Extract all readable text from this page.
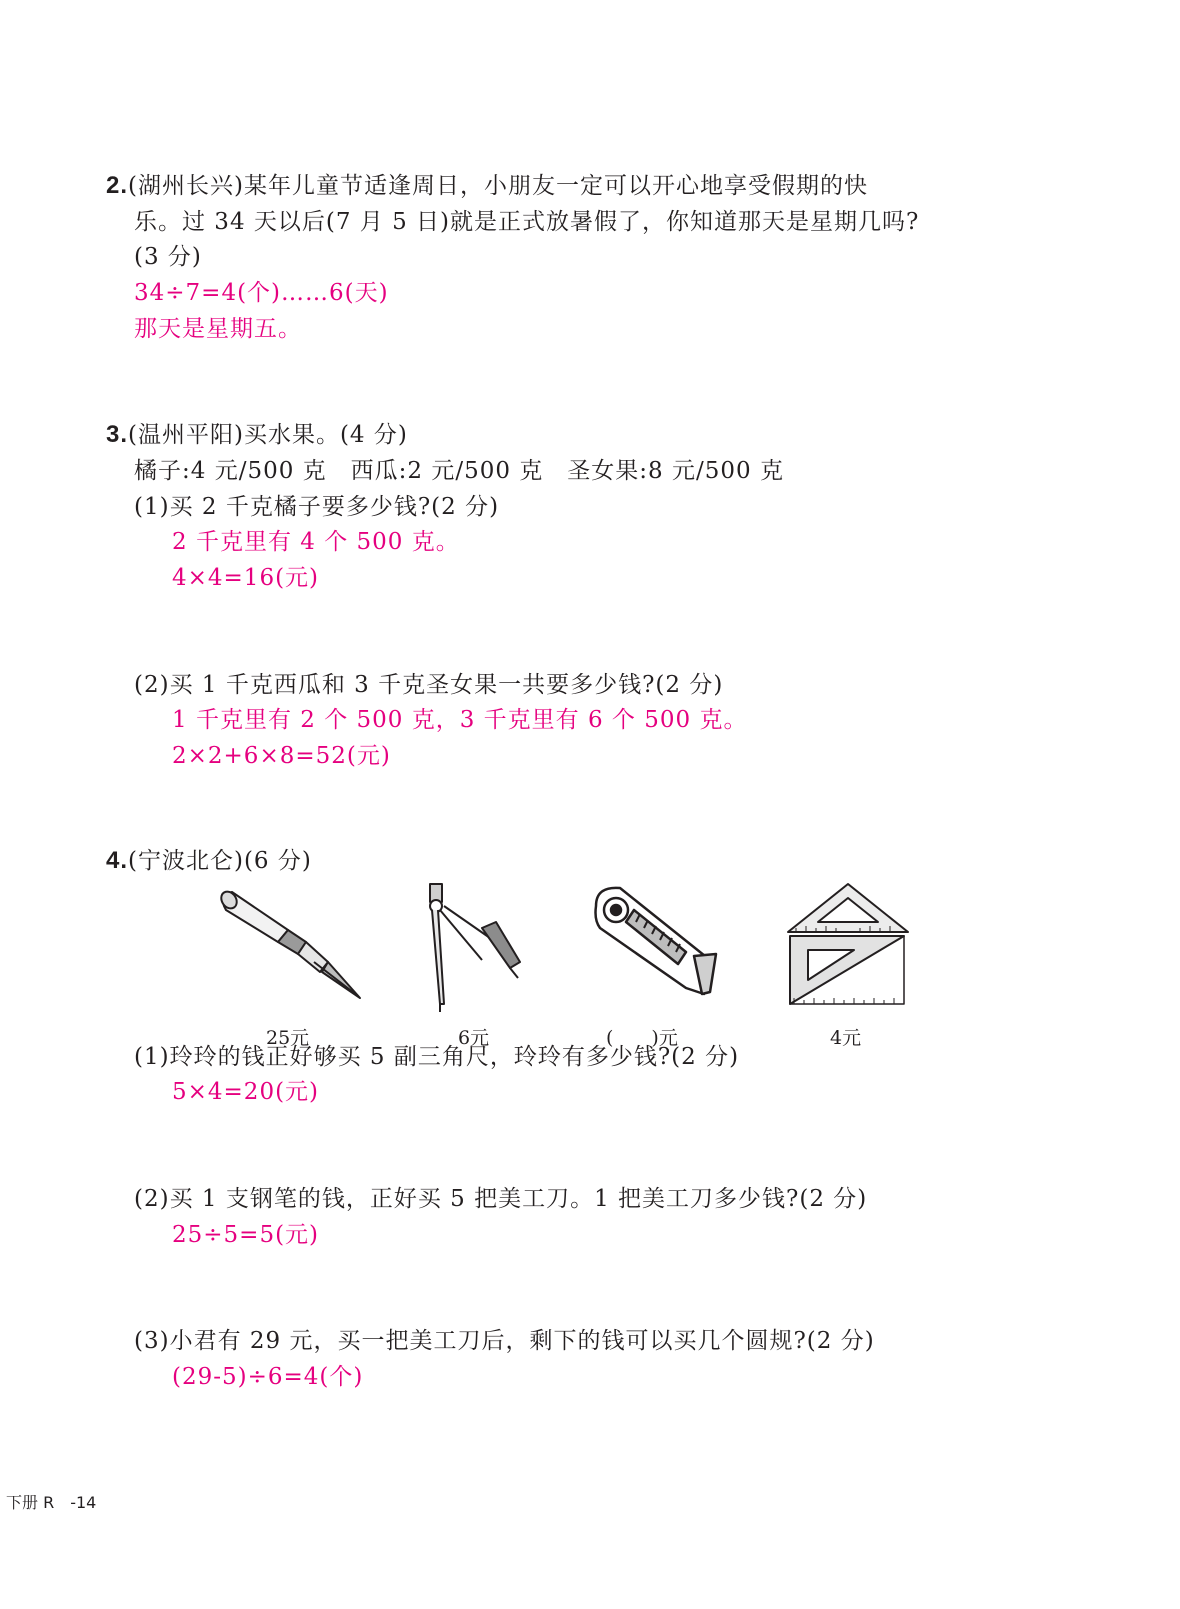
2.(湖州长兴)某年儿童节适逢周日，小朋友一定可以开心地享受假期的快
乐。过 34 天以后(7 月 5 日)就是正式放暑假了，你知道那天是星期几吗?
(3 分)
34÷7=4(个)……6(天)
那天是星期五。
3.(温州平阳)买水果。(4 分)
橘子:4 元/500 克　西瓜:2 元/500 克　圣女果:8 元/500 克
(1)买 2 千克橘子要多少钱?(2 分)
2 千克里有 4 个 500 克。
4×4=16(元)
(2)买 1 千克西瓜和 3 千克圣女果一共要多少钱?(2 分)
1 千克里有 2 个 500 克，3 千克里有 6 个 500 克。
2×2+6×8=52(元)
4.(宁波北仑)(6 分)
25元	6元	(　　)元	4元
(1)玲玲的钱正好够买 5 副三角尺，玲玲有多少钱?(2 分)
5×4=20(元)
(2)买 1 支钢笔的钱，正好买 5 把美工刀。1 把美工刀多少钱?(2 分)
25÷5=5(元)
(3)小君有 29 元，买一把美工刀后，剩下的钱可以买几个圆规?(2 分)
(29-5)÷6=4(个)
下册 R　-14
